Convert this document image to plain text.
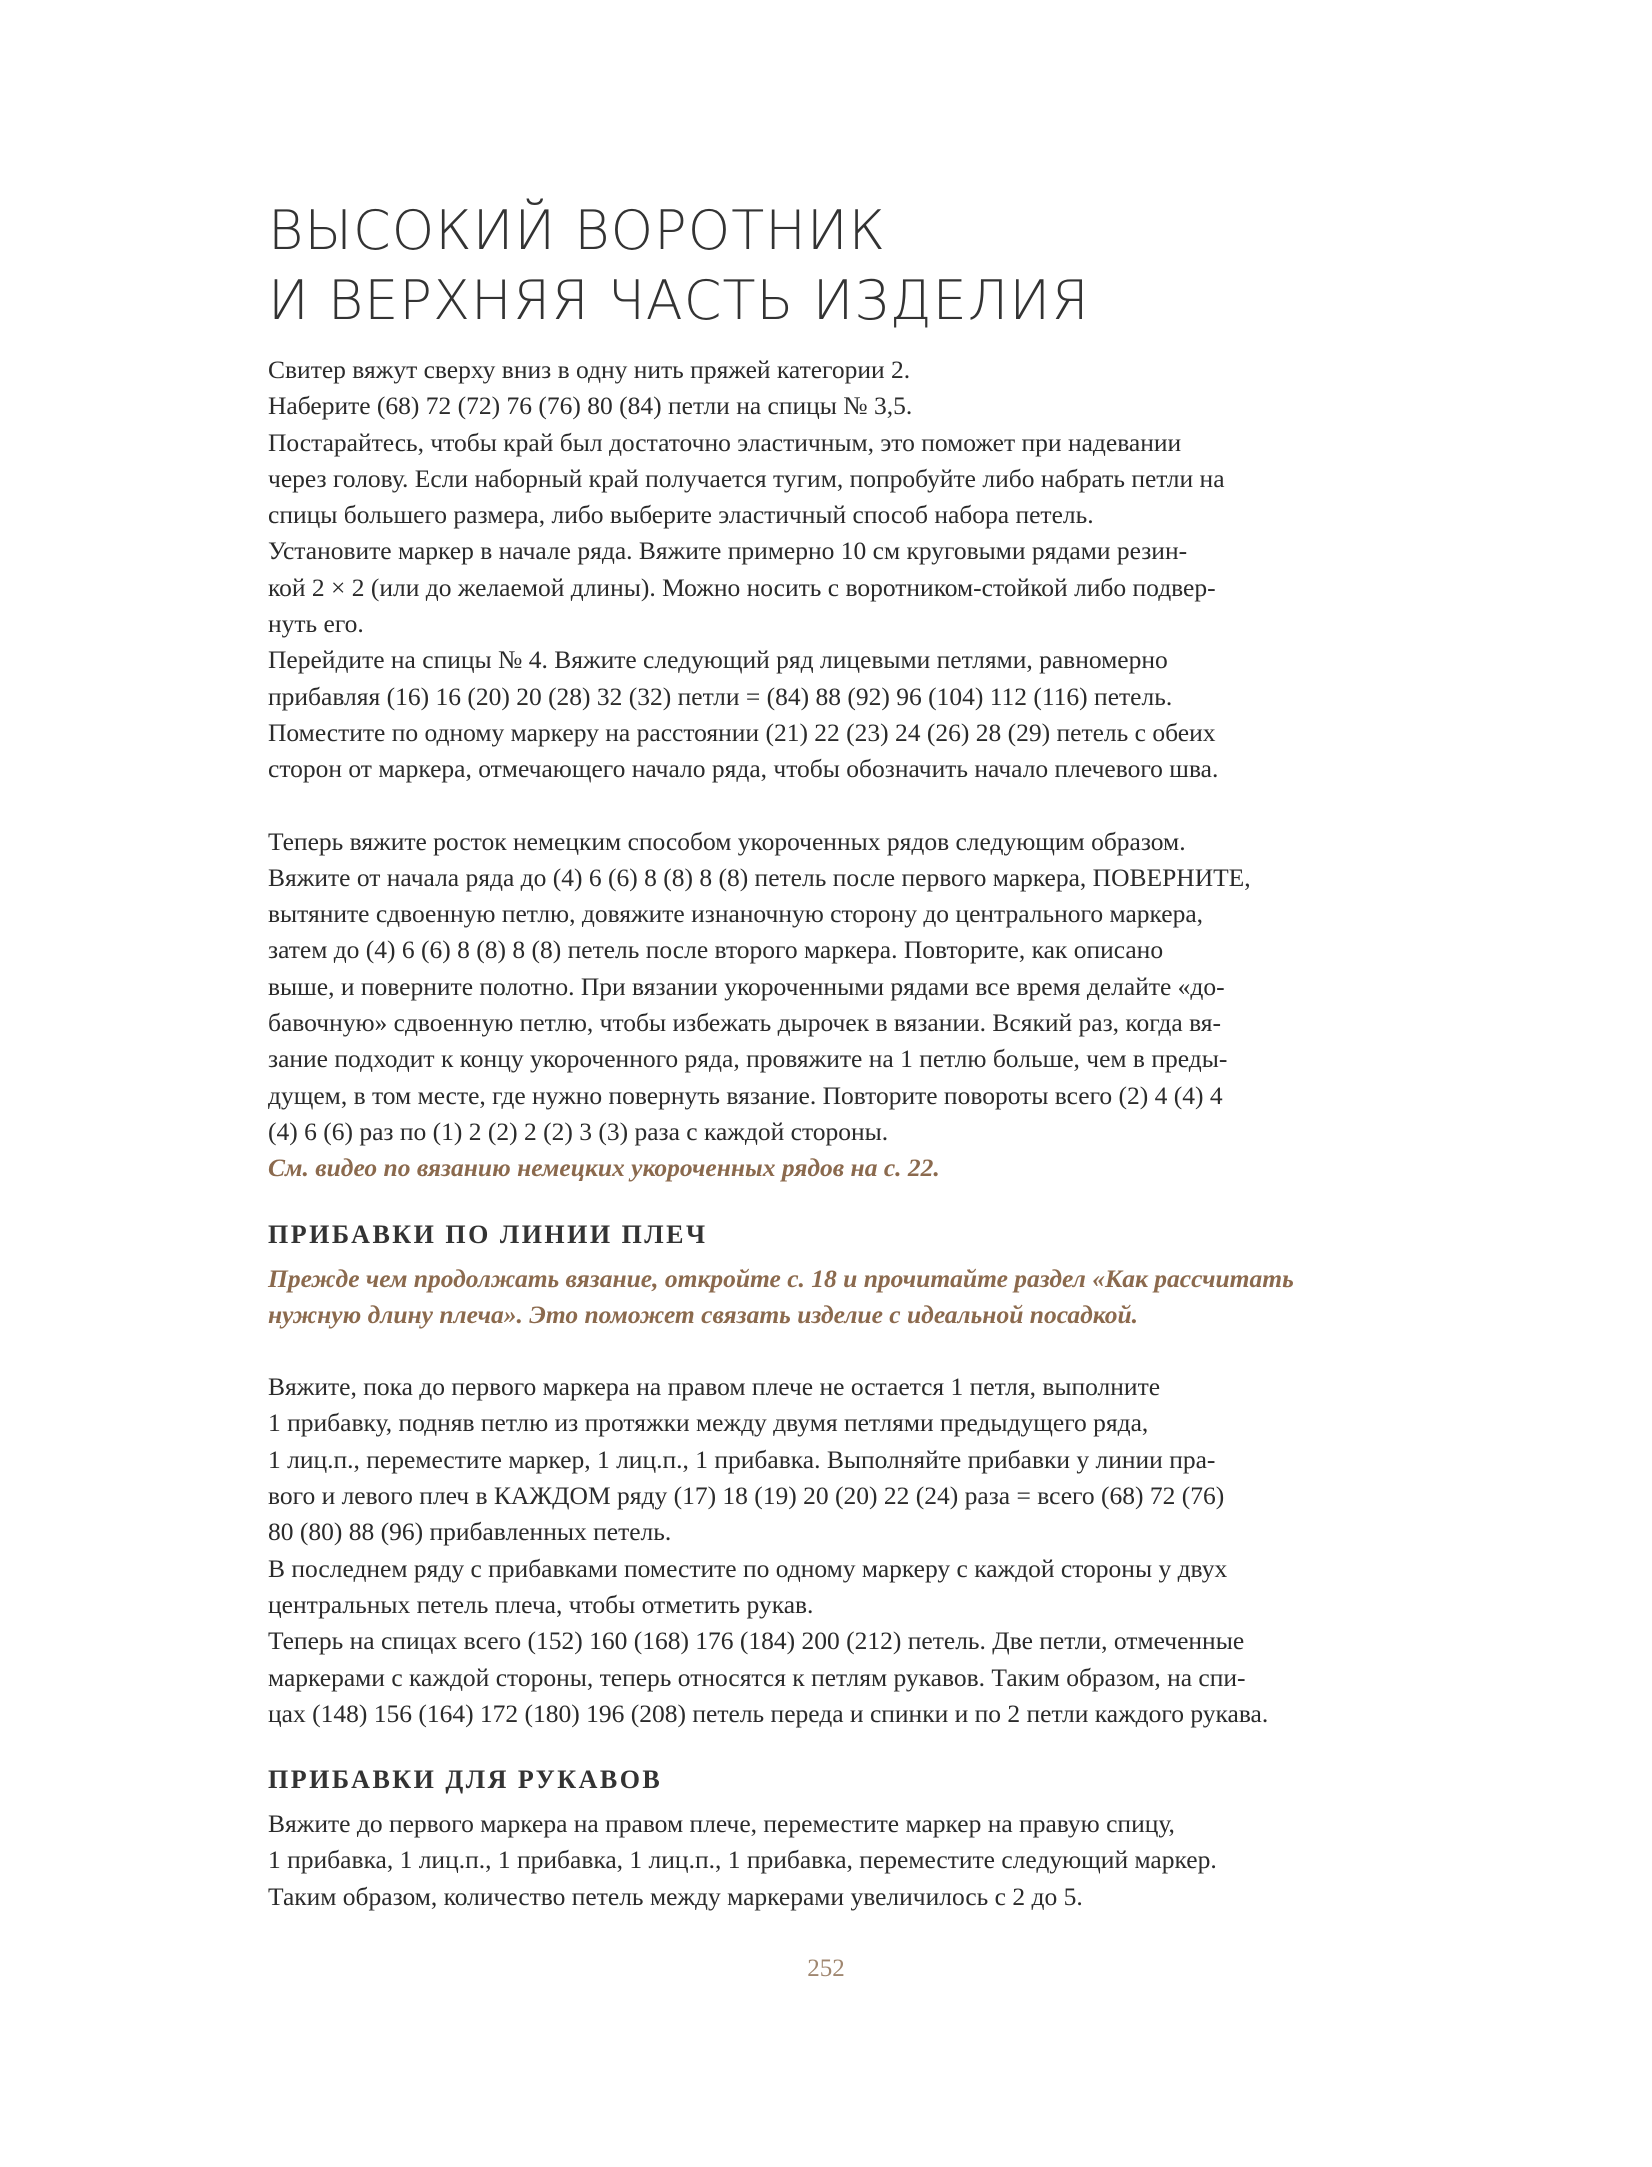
ВЫСОКИЙ ВОРОТНИК
И ВЕРХНЯЯ ЧАСТЬ ИЗДЕЛИЯ
Свитер вяжут сверху вниз в одну нить пряжей категории 2.
Наберите (68) 72 (72) 76 (76) 80 (84) петли на спицы № 3,5.
Постарайтесь, чтобы край был достаточно эластичным, это поможет при надевании
через голову. Если наборный край получается тугим, попробуйте либо набрать петли на
спицы большего размера, либо выберите эластичный способ набора петель.
Установите маркер в начале ряда. Вяжите примерно 10 см круговыми рядами резин-
кой 2 × 2 (или до желаемой длины). Можно носить с воротником-стойкой либо подвер-
нуть его.
Перейдите на спицы № 4. Вяжите следующий ряд лицевыми петлями, равномерно
прибавляя (16) 16 (20) 20 (28) 32 (32) петли = (84) 88 (92) 96 (104) 112 (116) петель.
Поместите по одному маркеру на расстоянии (21) 22 (23) 24 (26) 28 (29) петель с обеих
сторон от маркера, отмечающего начало ряда, чтобы обозначить начало плечевого шва.
Теперь вяжите росток немецким способом укороченных рядов следующим образом.
Вяжите от начала ряда до (4) 6 (6) 8 (8) 8 (8) петель после первого маркера, ПОВЕРНИТЕ,
вытяните сдвоенную петлю, довяжите изнаночную сторону до центрального маркера,
затем до (4) 6 (6) 8 (8) 8 (8) петель после второго маркера. Повторите, как описано
выше, и поверните полотно. При вязании укороченными рядами все время делайте «до-
бавочную» сдвоенную петлю, чтобы избежать дырочек в вязании. Всякий раз, когда вя-
зание подходит к концу укороченного ряда, провяжите на 1 петлю больше, чем в преды-
дущем, в том месте, где нужно повернуть вязание. Повторите повороты всего (2) 4 (4) 4
(4) 6 (6) раз по (1) 2 (2) 2 (2) 3 (3) раза с каждой стороны.
См. видео по вязанию немецких укороченных рядов на с. 22.
ПРИБАВКИ ПО ЛИНИИ ПЛЕЧ
Прежде чем продолжать вязание, откройте с. 18 и прочитайте раздел «Как рассчитать
нужную длину плеча». Это поможет связать изделие с идеальной посадкой.
Вяжите, пока до первого маркера на правом плече не остается 1 петля, выполните
1 прибавку, подняв петлю из протяжки между двумя петлями предыдущего ряда,
1 лиц.п., переместите маркер, 1 лиц.п., 1 прибавка. Выполняйте прибавки у линии пра-
вого и левого плеч в КАЖДОМ ряду (17) 18 (19) 20 (20) 22 (24) раза = всего (68) 72 (76)
80 (80) 88 (96) прибавленных петель.
В последнем ряду с прибавками поместите по одному маркеру с каждой стороны у двух
центральных петель плеча, чтобы отметить рукав.
Теперь на спицах всего (152) 160 (168) 176 (184) 200 (212) петель. Две петли, отмеченные
маркерами с каждой стороны, теперь относятся к петлям рукавов. Таким образом, на спи-
цах (148) 156 (164) 172 (180) 196 (208) петель переда и спинки и по 2 петли каждого рукава.
ПРИБАВКИ ДЛЯ РУКАВОВ
Вяжите до первого маркера на правом плече, переместите маркер на правую спицу,
1 прибавка, 1 лиц.п., 1 прибавка, 1 лиц.п., 1 прибавка, переместите следующий маркер.
Таким образом, количество петель между маркерами увеличилось с 2 до 5.
252
